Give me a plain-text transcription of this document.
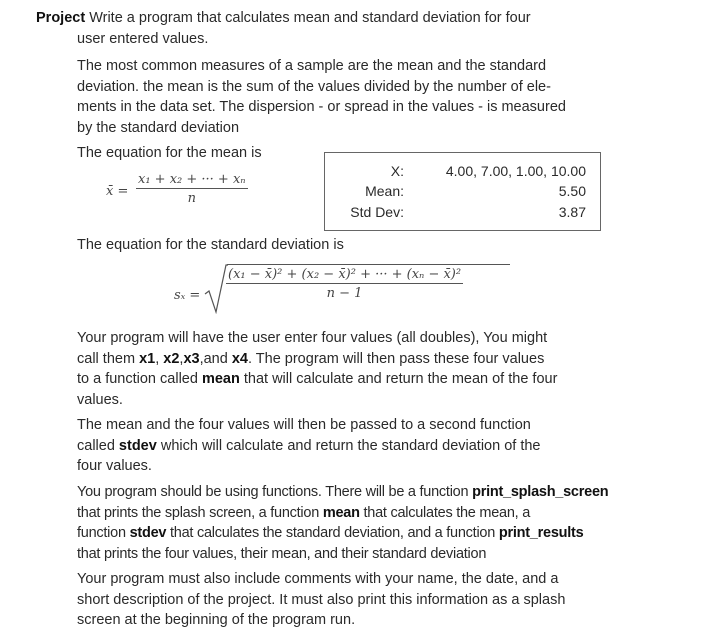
Project Write a program that calculates mean and standard deviation for four
user entered values.
The most common measures of a sample are the mean and the standard
deviation. the mean is the sum of the values divided by the number of ele-
ments in the data set. The dispersion - or spread in the values - is measured
by the standard deviation
The equation for the mean is
x̄ = $\frac{\text{x₁ + x₂ + ··· + xₙ}}{n}$
X:	4.00, 7.00, 1.00, 10.00
Mean:	5.50
Std Dev:	3.87
The equation for the standard deviation is
$s_x = \frac{\text{(x₁ − x̄)² + (x₂ − x̄)² + ··· + (xₙ − x̄)²}}{n - 1}$
Your program will have the user enter four values (all doubles), You might
call them x1, x2,x3,and x4. The program will then pass these four values
to a function called mean that will calculate and return the mean of the four
values.
The mean and the four values will then be passed to a second function
called stdev which will calculate and return the standard deviation of the
four values.
You program should be using functions. There will be a function print_splash_screen
that prints the splash screen, a function mean that calculates the mean, a
function stdev that calculates the standard deviation, and a function print_results
that prints the four values, their mean, and their standard deviation
Your program must also include comments with your name, the date, and a
short description of the project. It must also print this information as a splash
screen at the beginning of the program run.
